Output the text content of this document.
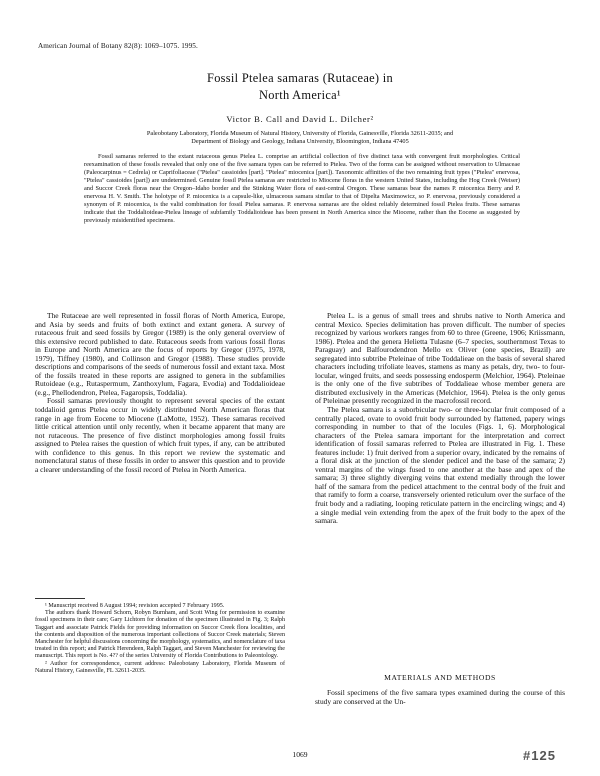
American Journal of Botany 82(8): 1069–1075. 1995.
Fossil Ptelea samaras (Rutaceae) in
North America¹
Victor B. Call and David L. Dilcher²
Paleobotany Laboratory, Florida Museum of Natural History, University of Florida, Gainesville, Florida 32611-2035; and
Department of Biology and Geology, Indiana University, Bloomington, Indiana 47405

Fossil samaras referred to the extant rutaceous genus Ptelea L. comprise an artificial collection of five distinct taxa with convergent fruit morphologies. Critical reexamination of these fossils revealed that only one of the five samara types can be referred to Ptelea. Two of the forms can be assigned without reservation to Ulmaceae (Paleocarpinus = Cedrela) or Caprifoliaceae ("Ptelea" cassioides [part]. "Ptelea" miocenica [part]). Taxonomic affinities of the two remaining fruit types ("Ptelea" enervosa, "Ptelea" cassioides [part]) are undetermined. Genuine fossil Ptelea samaras are restricted to Miocene floras in the western United States, including the Hog Creek (Weiser) and Succor Creek floras near the Oregon–Idaho border and the Stinking Water flora of east-central Oregon. These samaras bear the names P. miocenica Berry and P. enervosa H. V. Smith. The holotype of P. miocenica is a capsule-like, ulmaceous samara similar to that of Dipelta Maximowicz, so P. enervosa, previously considered a synonym of P. miocenica, is the valid combination for fossil Ptelea samaras. P. enervosa samaras are the oldest reliably determined fossil Ptelea fruits. These samaras indicate that the Toddalioideae-Ptelea lineage of subfamily Toddalioideae has been present in North America since the Miocene, rather than the Eocene as suggested by previously misidentified specimens.

The Rutaceae are well represented in fossil floras of North America, Europe, and Asia by seeds and fruits of both extinct and extant genera. A survey of rutaceous fruit and seed fossils by Gregor (1989) is the only general overview of this extensive record published to date. Rutaceous seeds from various fossil floras in Europe and North America are the focus of reports by Gregor (1975, 1978, 1979), Tiffney (1980), and Collinson and Gregor (1988). These studies provide descriptions and comparisons of the seeds of numerous fossil and extant taxa. Most of the fossils treated in these reports are assigned to genera in the subfamilies Rutoideae (e.g., Rutaspermum, Zanthoxylum, Fagara, Evodia) and Toddalioideae (e.g., Phellodendron, Ptelea, Fagaropsis, Toddalia).

Fossil samaras previously thought to represent several species of the extant toddalioid genus Ptelea occur in widely distributed North American floras that range in age from Eocene to Miocene (LaMotte, 1952). These samaras received little critical attention until only recently, when it became apparent that many are not rutaceous. The presence of five distinct morphologies among fossil fruits assigned to Ptelea raises the question of which fruit types, if any, can be attributed with confidence to this genus. In this report we review the systematic and nomenclatural status of these fossils in order to answer this question and to provide a clearer understanding of the fossil record of Ptelea in North America.

¹ Manuscript received 8 August 1994; revision accepted 7 February 1995.

The authors thank Howard Schorn, Robyn Burnham, and Scott Wing for permission to examine fossil specimens in their care; Gary Lichtorn for donation of the specimen illustrated in Fig. 3; Ralph Taggart and associate Patrick Fields for providing information on Succor Creek flora localities, and the contents and disposition of the numerous important collections of Succor Creek materials; Steven Manchester for helpful discussions concerning the morphology, systematics, and nomenclature of taxa treated in this report; and Patrick Herendeen, Ralph Taggart, and Steven Manchester for reviewing the manuscript. This report is No. 4?? of the series University of Florida Contributions to Paleontology.

² Author for correspondence, current address: Paleobotany Laboratory, Florida Museum of Natural History, Gainesville, FL 32611-2035.

Ptelea L. is a genus of small trees and shrubs native to North America and central Mexico. Species delimitation has proven difficult. The number of species recognized by various workers ranges from 60 to three (Greene, 1906; Kriissmann, 1986). Ptelea and the genera Helietta Tulasne (6–7 species, southernmost Texas to Paraguay) and Balfourodendron Mello ex Oliver (one species, Brazil) are segregated into subtribe Pteleinae of tribe Toddalieae on the basis of several shared characters including trifoliate leaves, stamens as many as petals, dry, two- to four-locular, winged fruits, and seeds possessing endosperm (Melchior, 1964). Pteleinae is the only one of the five subtribes of Toddalieae whose member genera are distributed exclusively in the Americas (Melchior, 1964). Ptelea is the only genus of Pteleinae presently recognized in the macrofossil record.

The Ptelea samara is a suborbicular two- or three-locular fruit composed of a centrally placed, ovate to ovoid fruit body surrounded by flattened, papery wings corresponding in number to that of the locules (Figs. 1, 6). Morphological characters of the Ptelea samara important for the interpretation and correct identification of fossil samaras referred to Ptelea are illustrated in Fig. 1. These features include: 1) fruit derived from a superior ovary, indicated by the remains of a floral disk at the junction of the slender pedicel and the base of the samara; 2) ventral margins of the wings fused to one another at the base and apex of the samara; 3) three slightly diverging veins that extend medially through the lower half of the samara from the pedicel attachment to the central body of the fruit and that ramify to form a coarse, transversely oriented reticulum over the surface of the fruit body and a radiating, looping reticulate pattern in the encircling wings; and 4) a single medial vein extending from the apex of the fruit body to the apex of the samara.

MATERIALS AND METHODS

Fossil specimens of the five samara types examined during the course of this study are conserved at the Un-

1069	#125
